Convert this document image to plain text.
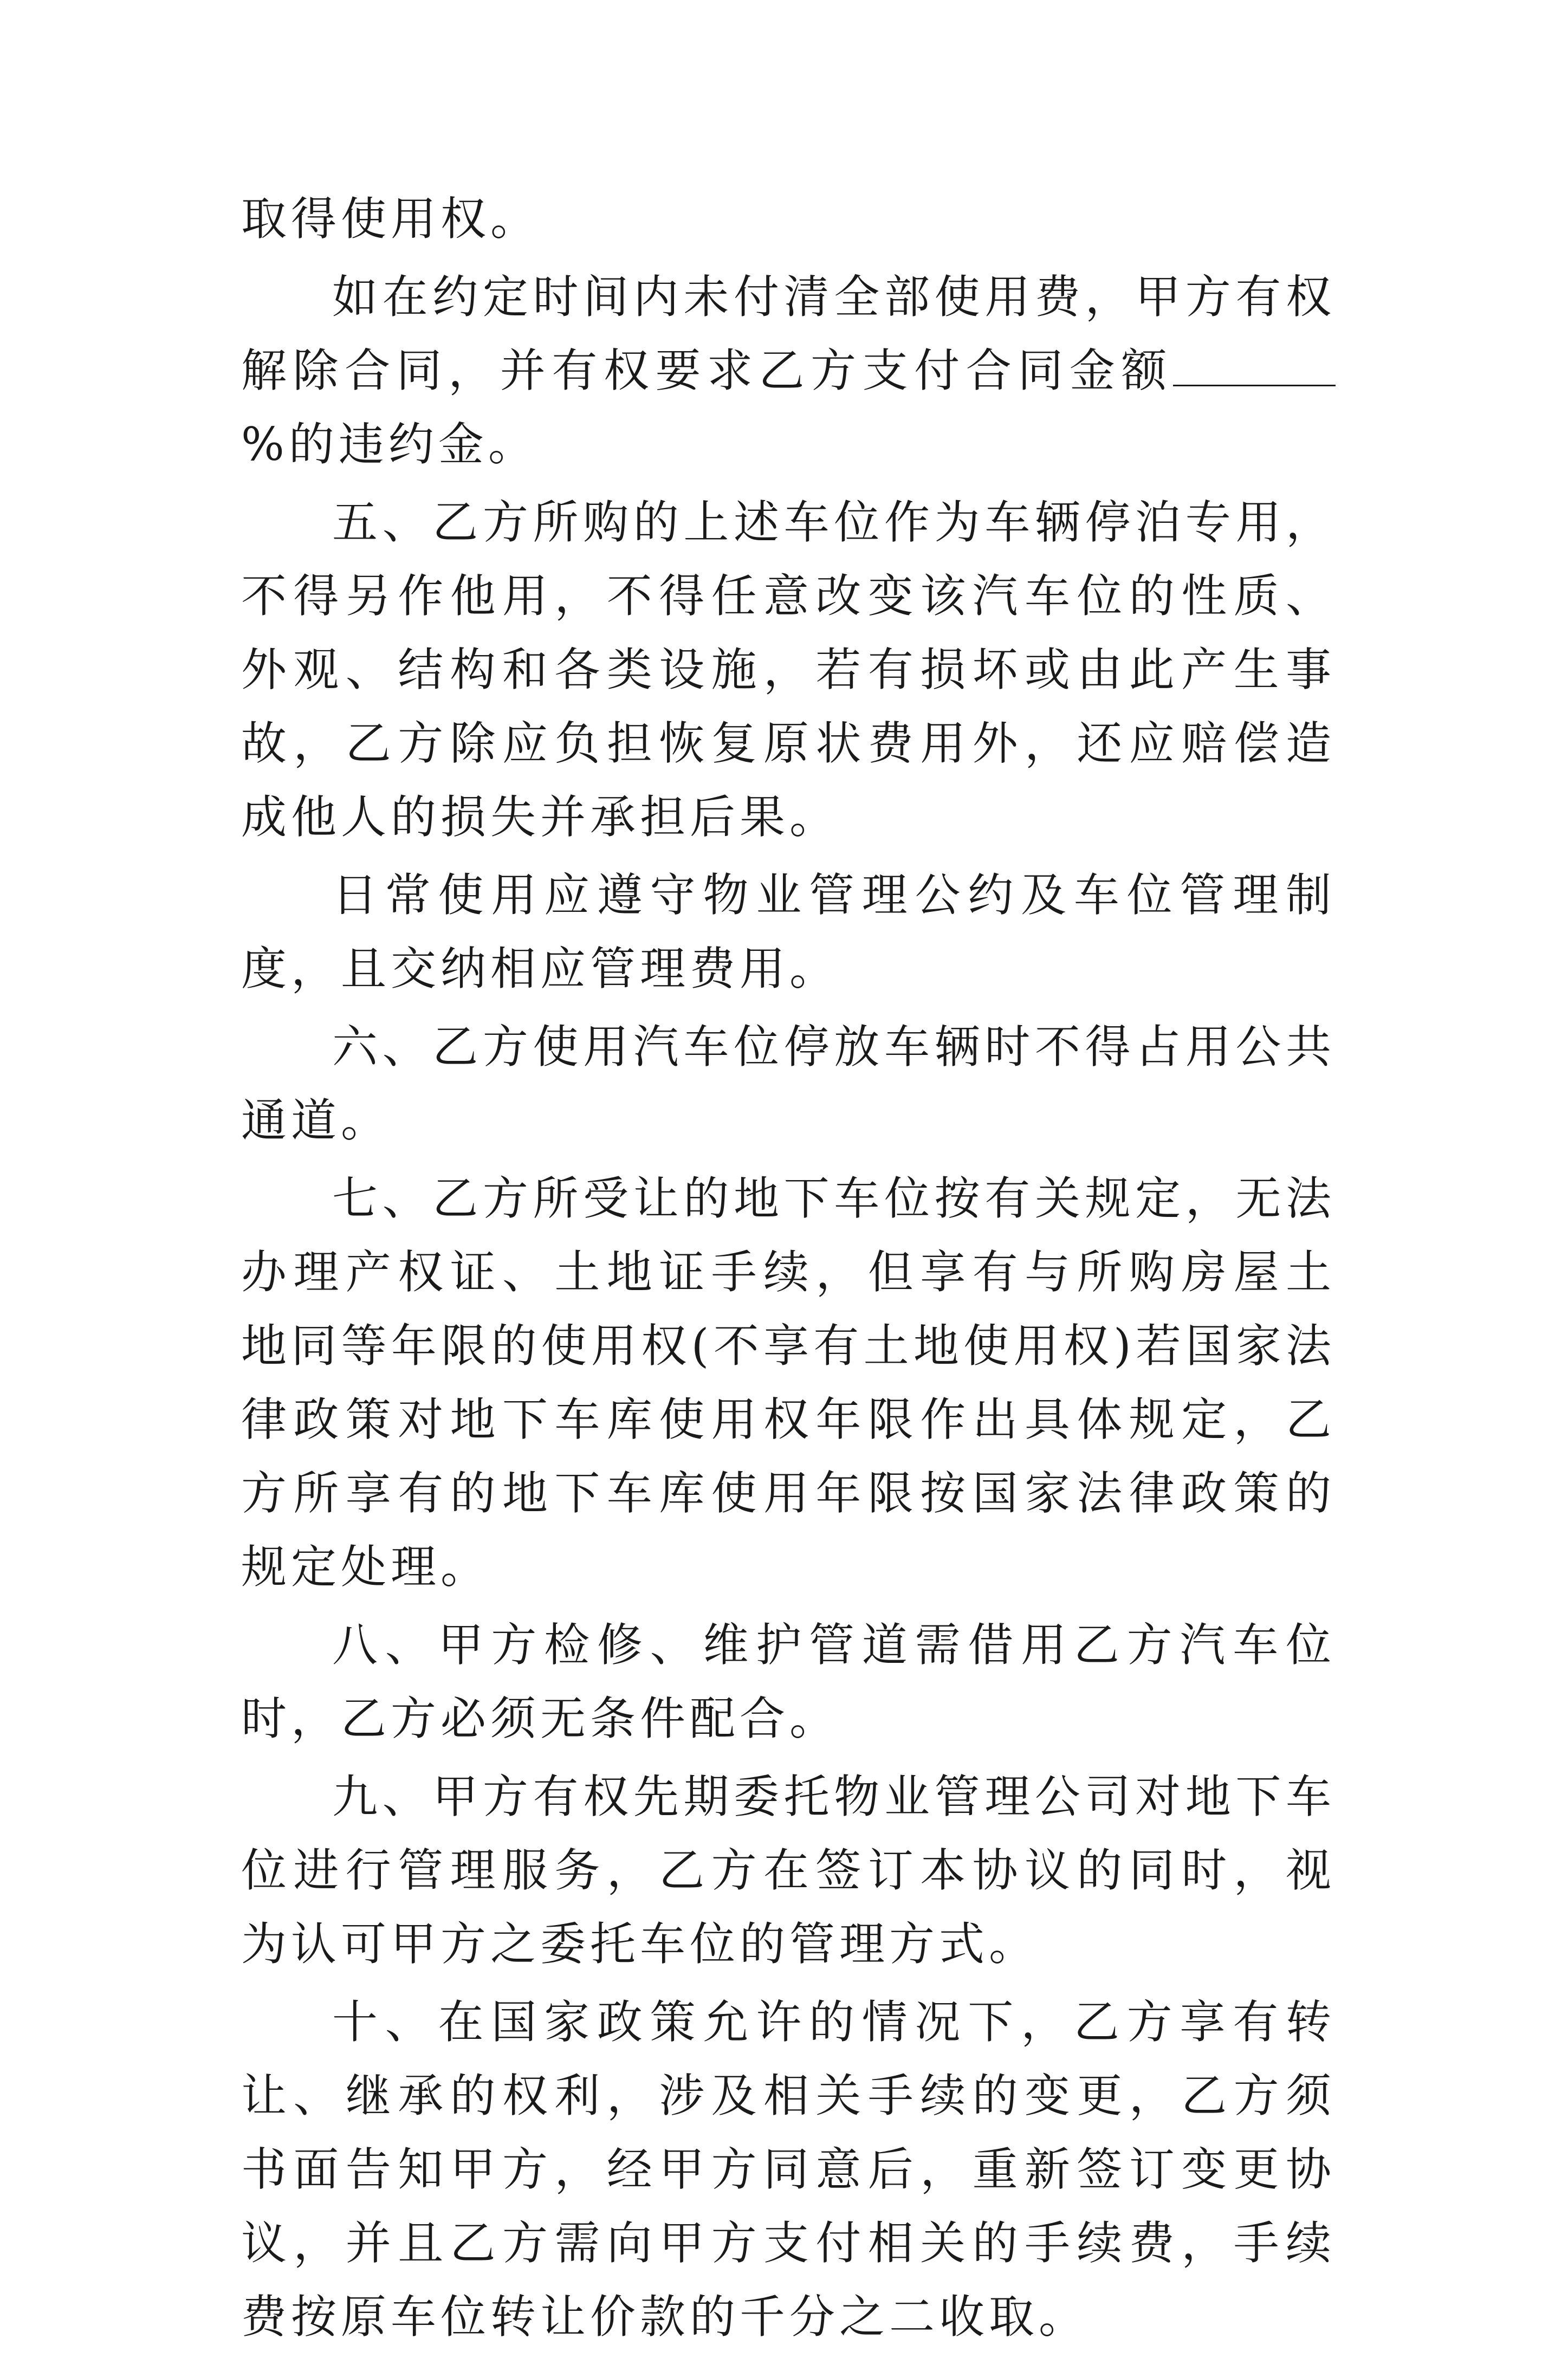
取得使用权。

如在约定时间内未付清全部使用费，甲方有权解除合同，并有权要求乙方支付合同金额%的违约金。

五、乙方所购的上述车位作为车辆停泊专用，不得另作他用，不得任意改变该汽车位的性质、外观、结构和各类设施，若有损坏或由此产生事故，乙方除应负担恢复原状费用外，还应赔偿造成他人的损失并承担后果。

日常使用应遵守物业管理公约及车位管理制度，且交纳相应管理费用。

六、乙方使用汽车位停放车辆时不得占用公共通道。

七、乙方所受让的地下车位按有关规定，无法办理产权证、土地证手续，但享有与所购房屋土地同等年限的使用权(不享有土地使用权)若国家法律政策对地下车库使用权年限作出具体规定，乙方所享有的地下车库使用年限按国家法律政策的规定处理。

八、甲方检修、维护管道需借用乙方汽车位时，乙方必须无条件配合。

九、甲方有权先期委托物业管理公司对地下车位进行管理服务，乙方在签订本协议的同时，视为认可甲方之委托车位的管理方式。

十、在国家政策允许的情况下，乙方享有转让、继承的权利，涉及相关手续的变更，乙方须书面告知甲方，经甲方同意后，重新签订变更协议，并且乙方需向甲方支付相关的手续费，手续费按原车位转让价款的千分之二收取。
